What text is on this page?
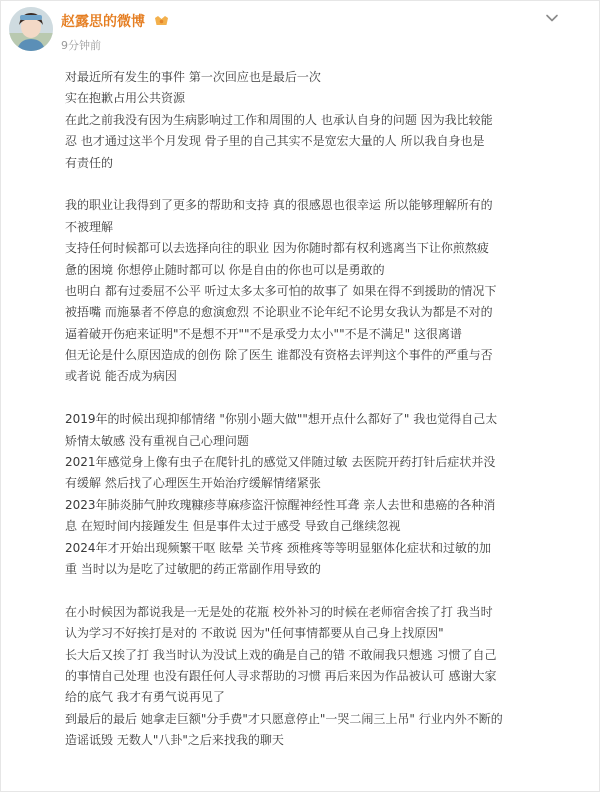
赵露思的微博
9分钟前
对最近所有发生的事件 第一次回应也是最后一次
实在抱歉占用公共资源
在此之前我没有因为生病影响过工作和周围的人 也承认自身的问题 因为我比较能
忍 也才通过这半个月发现 骨子里的自己其实不是宽宏大量的人 所以我自身也是
有责任的
我的职业让我得到了更多的帮助和支持 真的很感恩也很幸运 所以能够理解所有的
不被理解
支持任何时候都可以去选择向往的职业 因为你随时都有权利逃离当下让你煎熬疲
惫的困境 你想停止随时都可以 你是自由的你也可以是勇敢的
也明白 都有过委屈不公平 听过太多太多可怕的故事了 如果在得不到援助的情况下
被捂嘴 而施暴者不停息的愈演愈烈 不论职业不论年纪不论男女我认为都是不对的
逼着破开伤疤来证明"不是想不开""不是承受力太小""不是不满足" 这很离谱
但无论是什么原因造成的创伤 除了医生 谁都没有资格去评判这个事件的严重与否
或者说 能否成为病因
2019年的时候出现抑郁情绪 "你别小题大做""想开点什么都好了" 我也觉得自己太
矫情太敏感 没有重视自己心理问题
2021年感觉身上像有虫子在爬针扎的感觉又伴随过敏 去医院开药打针后症状并没
有缓解 然后找了心理医生开始治疗缓解情绪紧张
2023年肺炎肺气肿玫瑰糠疹荨麻疹盗汗惊醒神经性耳聋 亲人去世和患癌的各种消
息 在短时间内接踵发生 但是事件太过于感受 导致自己继续忽视
2024年才开始出现频繁干呕 眩晕 关节疼 颈椎疼等等明显躯体化症状和过敏的加
重 当时以为是吃了过敏肥的药正常副作用导致的
在小时候因为都说我是一无是处的花瓶 校外补习的时候在老师宿舍挨了打 我当时
认为学习不好挨打是对的 不敢说 因为"任何事情都要从自己身上找原因"
长大后又挨了打 我当时认为没试上戏的确是自己的错 不敢闹我只想逃 习惯了自己
的事情自己处理 也没有跟任何人寻求帮助的习惯 再后来因为作品被认可 感谢大家
给的底气 我才有勇气说再见了
到最后的最后 她拿走巨额"分手费"才只愿意停止"一哭二闹三上吊" 行业内外不断的
造谣诋毁 无数人"八卦"之后来找我的聊天
